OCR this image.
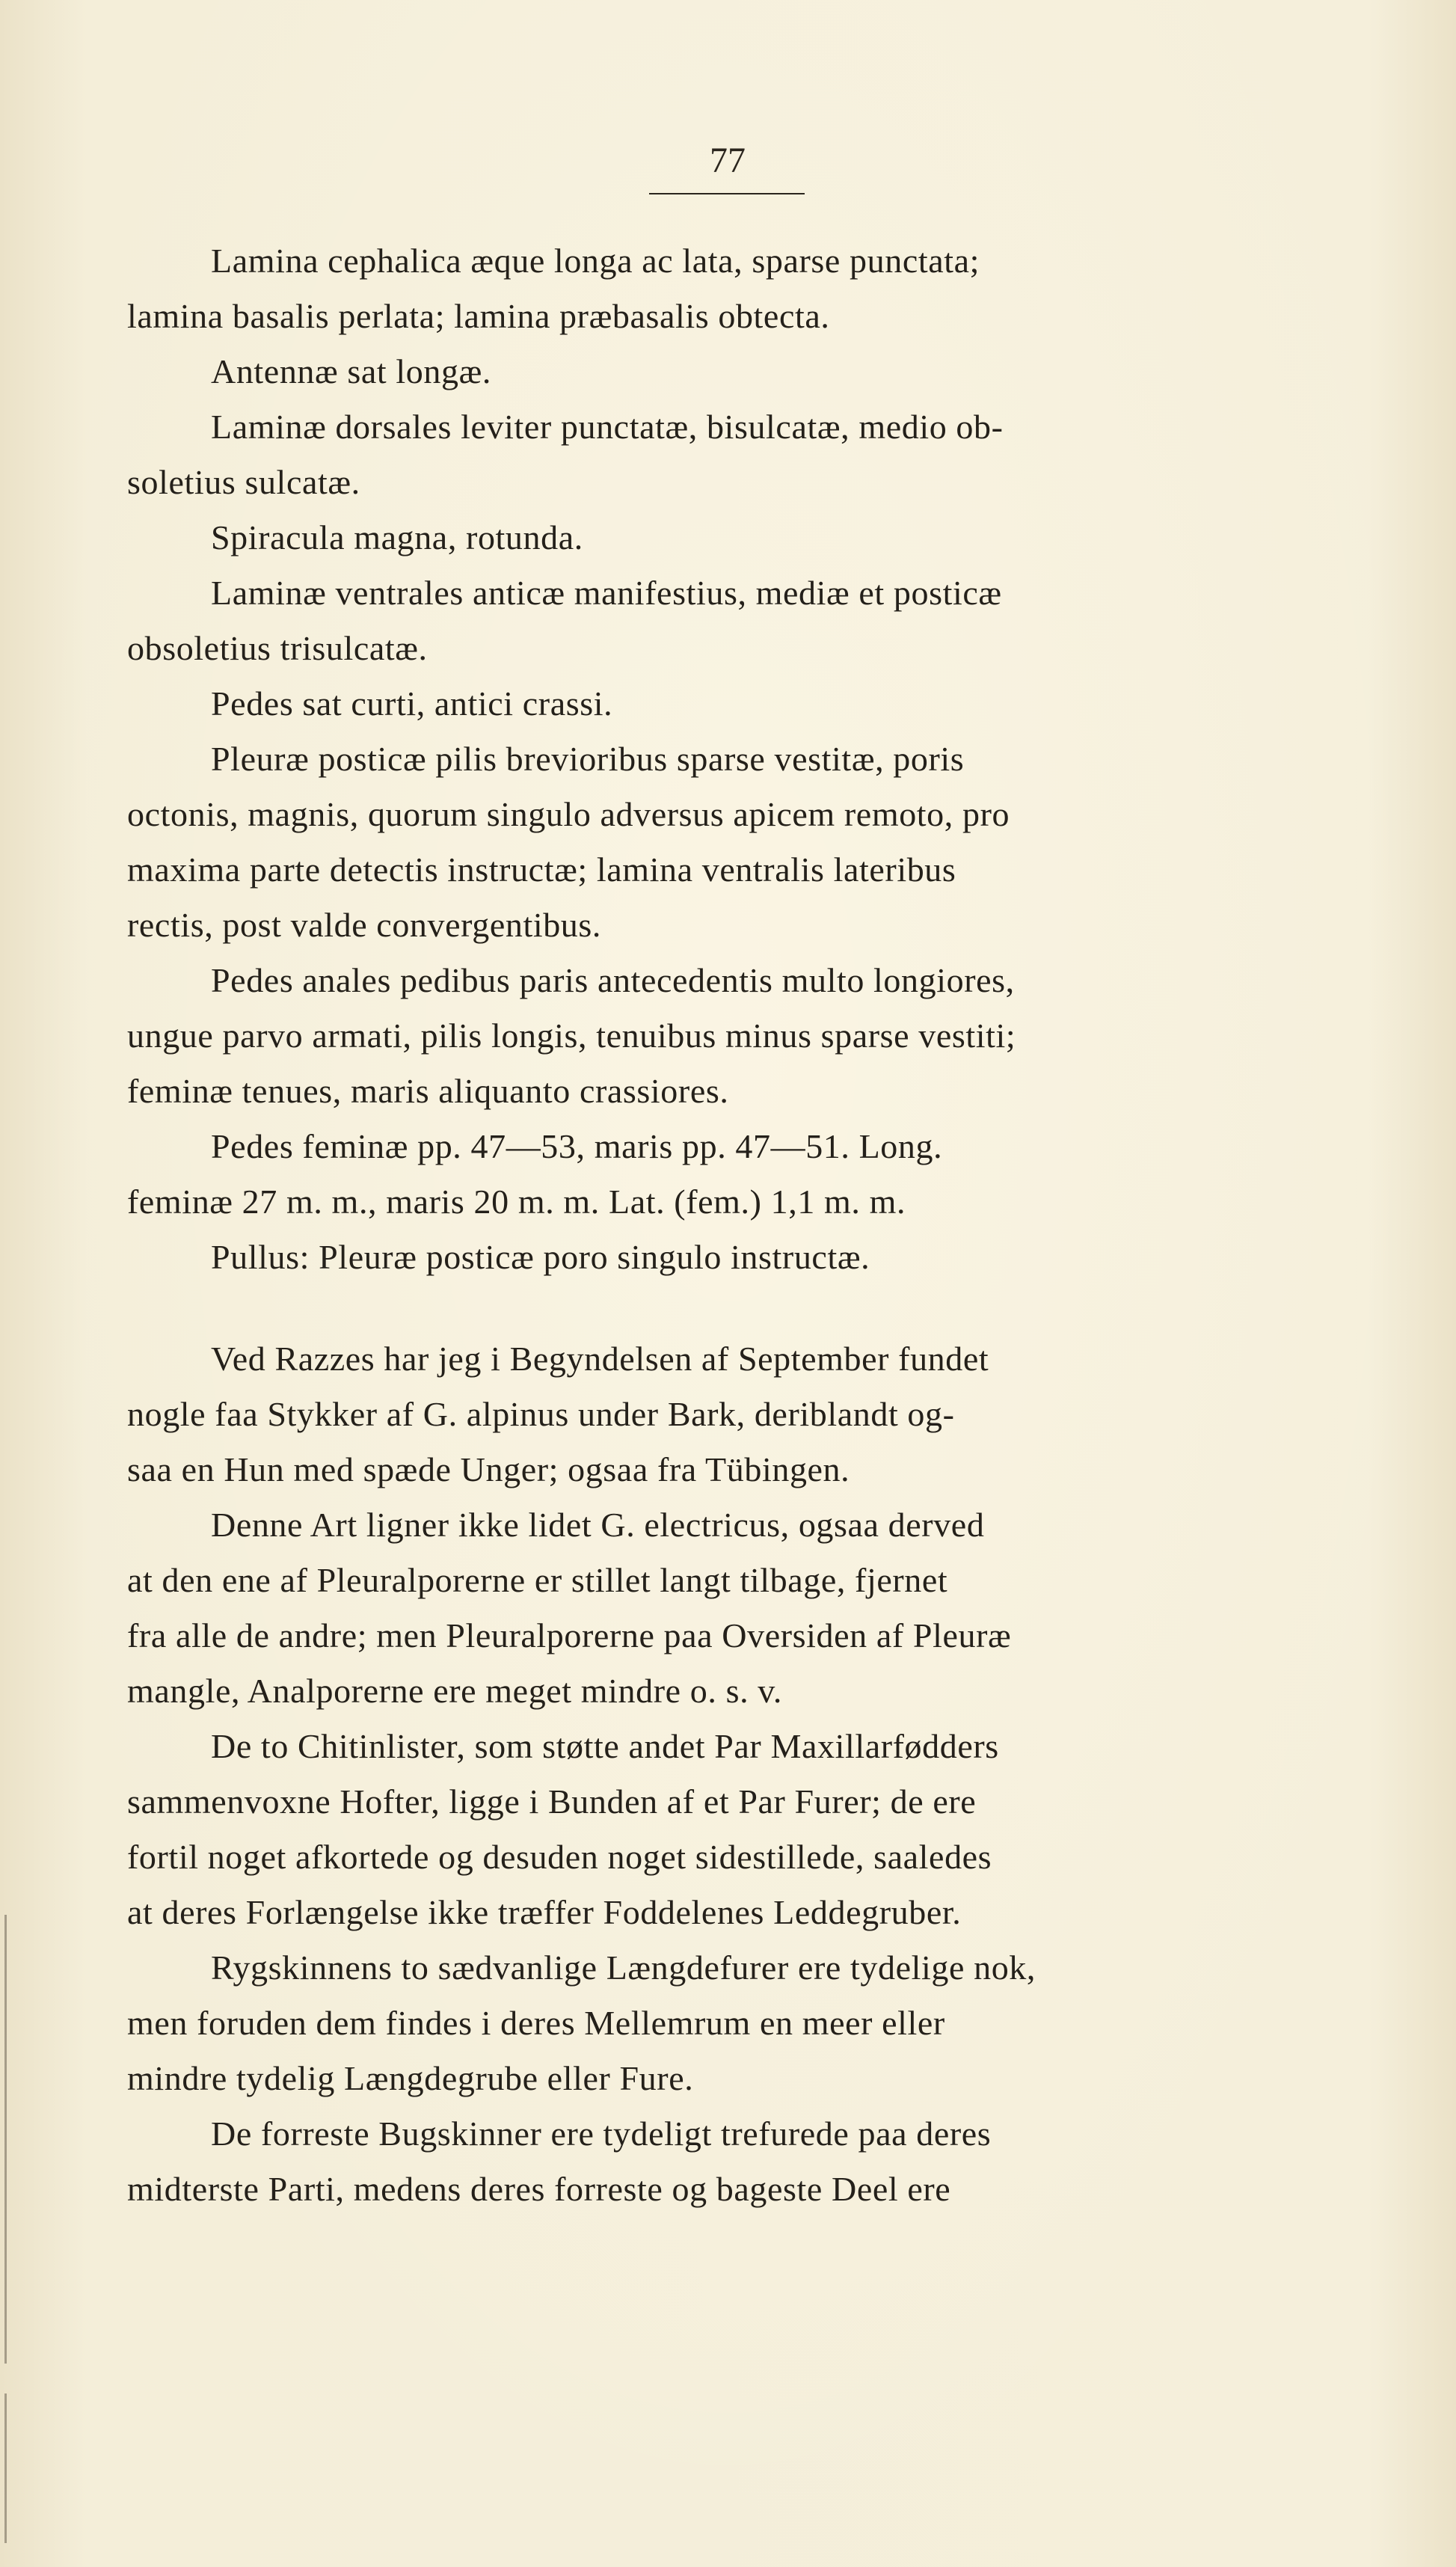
77
Lamina cephalica æque longa ac lata, sparse punctata;
lamina basalis perlata; lamina præbasalis obtecta.
Antennæ sat longæ.
Laminæ dorsales leviter punctatæ, bisulcatæ, medio ob-
soletius sulcatæ.
Spiracula magna, rotunda.
Laminæ ventrales anticæ manifestius, mediæ et posticæ
obsoletius trisulcatæ.
Pedes sat curti, antici crassi.
Pleuræ posticæ pilis brevioribus sparse vestitæ, poris
octonis, magnis, quorum singulo adversus apicem remoto, pro
maxima parte detectis instructæ; lamina ventralis lateribus
rectis, post valde convergentibus.
Pedes anales pedibus paris antecedentis multo longiores,
ungue parvo armati, pilis longis, tenuibus minus sparse vestiti;
feminæ tenues, maris aliquanto crassiores.
Pedes feminæ pp. 47—53, maris pp. 47—51. Long.
feminæ 27 m. m., maris 20 m. m. Lat. (fem.) 1,1 m. m.
Pullus: Pleuræ posticæ poro singulo instructæ.
Ved Razzes har jeg i Begyndelsen af September fundet
nogle faa Stykker af G. alpinus under Bark, deriblandt og-
saa en Hun med spæde Unger; ogsaa fra Tübingen.
Denne Art ligner ikke lidet G. electricus, ogsaa derved
at den ene af Pleuralporerne er stillet langt tilbage, fjernet
fra alle de andre; men Pleuralporerne paa Oversiden af Pleuræ
mangle, Analporerne ere meget mindre o. s. v.
De to Chitinlister, som støtte andet Par Maxillarfødders
sammenvoxne Hofter, ligge i Bunden af et Par Furer; de ere
fortil noget afkortede og desuden noget sidestillede, saaledes
at deres Forlængelse ikke træffer Foddelenes Leddegruber.
Rygskinnens to sædvanlige Længdefurer ere tydelige nok,
men foruden dem findes i deres Mellemrum en meer eller
mindre tydelig Længdegrube eller Fure.
De forreste Bugskinner ere tydeligt trefurede paa deres
midterste Parti, medens deres forreste og bageste Deel ere
